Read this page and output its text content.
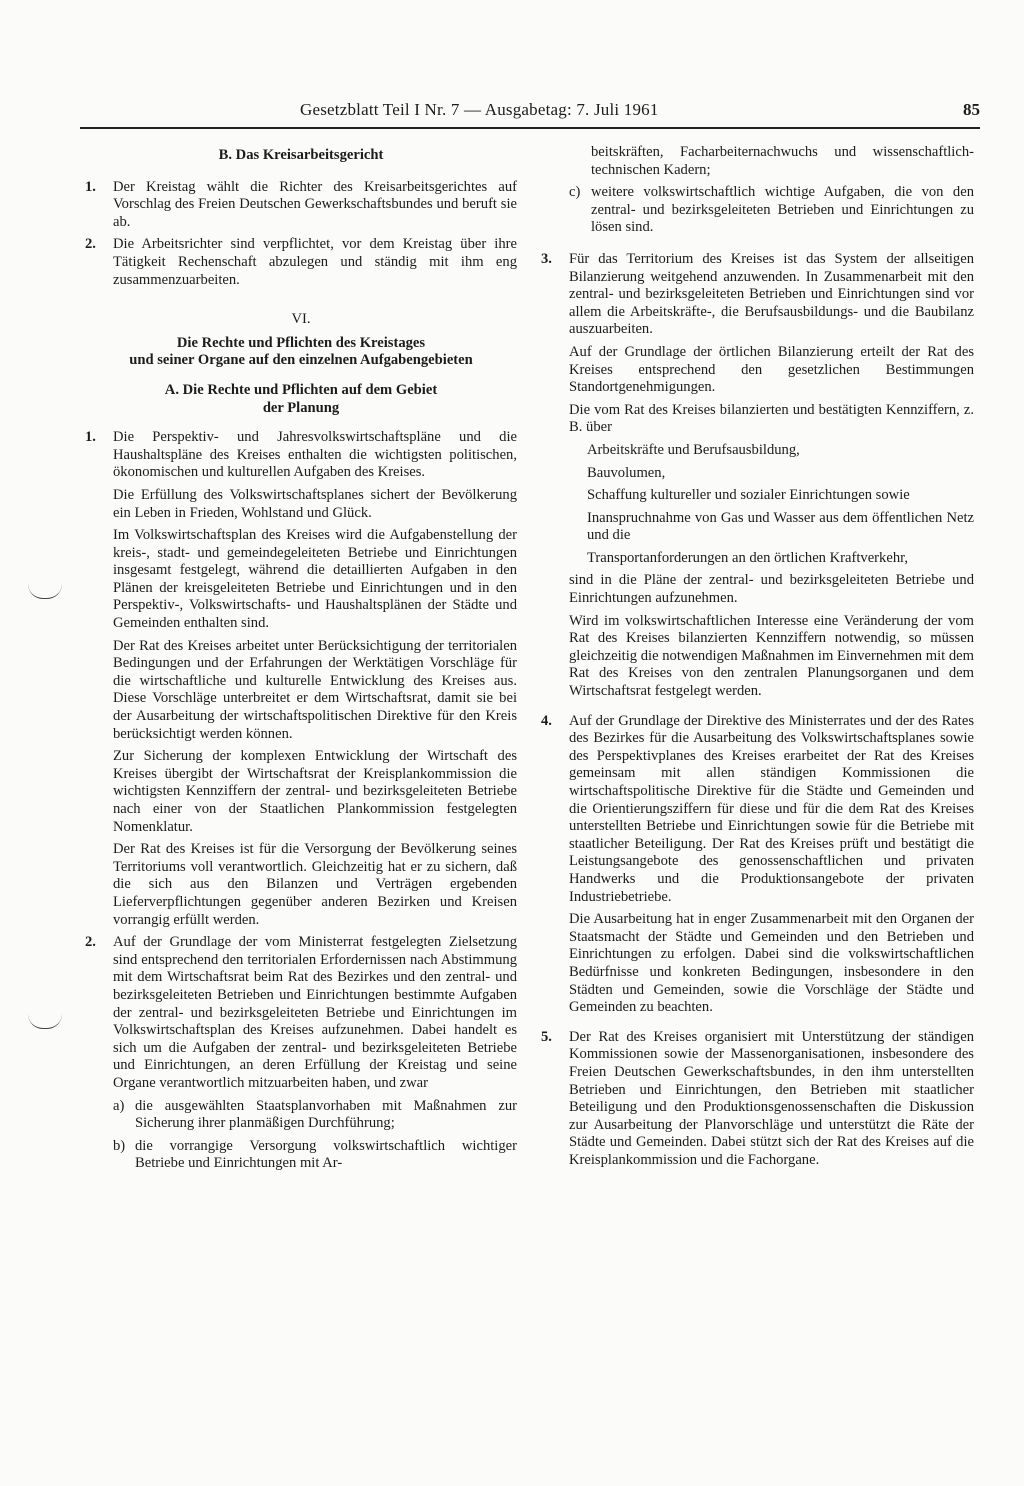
Gesetzblatt Teil I Nr. 7 — Ausgabetag: 7. Juli 1961	85
B. Das Kreisarbeitsgericht
1. Der Kreistag wählt die Richter des Kreisarbeitsgerichtes auf Vorschlag des Freien Deutschen Gewerkschaftsbundes und beruft sie ab.
2. Die Arbeitsrichter sind verpflichtet, vor dem Kreistag über ihre Tätigkeit Rechenschaft abzulegen und ständig mit ihm eng zusammenzuarbeiten.
VI.
Die Rechte und Pflichten des Kreistages
und seiner Organe auf den einzelnen Aufgabengebieten
A. Die Rechte und Pflichten auf dem Gebiet
der Planung
1. Die Perspektiv- und Jahresvolkswirtschaftspläne und die Haushaltspläne des Kreises enthalten die wichtigsten politischen, ökonomischen und kulturellen Aufgaben des Kreises.
Die Erfüllung des Volkswirtschaftsplanes sichert der Bevölkerung ein Leben in Frieden, Wohlstand und Glück.
Im Volkswirtschaftsplan des Kreises wird die Aufgabenstellung der kreis-, stadt- und gemeindegeleiteten Betriebe und Einrichtungen insgesamt festgelegt, während die detaillierten Aufgaben in den Plänen der kreisgeleiteten Betriebe und Einrichtungen und in den Perspektiv-, Volkswirtschafts- und Haushaltsplänen der Städte und Gemeinden enthalten sind.
Der Rat des Kreises arbeitet unter Berücksichtigung der territorialen Bedingungen und der Erfahrungen der Werktätigen Vorschläge für die wirtschaftliche und kulturelle Entwicklung des Kreises aus. Diese Vorschläge unterbreitet er dem Wirtschaftsrat, damit sie bei der Ausarbeitung der wirtschaftspolitischen Direktive für den Kreis berücksichtigt werden können.
Zur Sicherung der komplexen Entwicklung der Wirtschaft des Kreises übergibt der Wirtschaftsrat der Kreisplankommission die wichtigsten Kennziffern der zentral- und bezirksgeleiteten Betriebe nach einer von der Staatlichen Plankommission festgelegten Nomenklatur.
Der Rat des Kreises ist für die Versorgung der Bevölkerung seines Territoriums voll verantwortlich. Gleichzeitig hat er zu sichern, daß die sich aus den Bilanzen und Verträgen ergebenden Lieferverpflichtungen gegenüber anderen Bezirken und Kreisen vorrangig erfüllt werden.
2. Auf der Grundlage der vom Ministerrat festgelegten Zielsetzung sind entsprechend den territorialen Erfordernissen nach Abstimmung mit dem Wirtschaftsrat beim Rat des Bezirkes und den zentral- und bezirksgeleiteten Betrieben und Einrichtungen bestimmte Aufgaben der zentral- und bezirksgeleiteten Betriebe und Einrichtungen im Volkswirtschaftsplan des Kreises aufzunehmen. Dabei handelt es sich um die Aufgaben der zentral- und bezirksgeleiteten Betriebe und Einrichtungen, an deren Erfüllung der Kreistag und seine Organe verantwortlich mitzuarbeiten haben, und zwar
a) die ausgewählten Staatsplanvorhaben mit Maßnahmen zur Sicherung ihrer planmäßigen Durchführung;
b) die vorrangige Versorgung volkswirtschaftlich wichtiger Betriebe und Einrichtungen mit Ar-
beitskräften, Facharbeiternachwuchs und wissenschaftlich-technischen Kadern;
c) weitere volkswirtschaftlich wichtige Aufgaben, die von den zentral- und bezirksgeleiteten Betrieben und Einrichtungen zu lösen sind.
3. Für das Territorium des Kreises ist das System der allseitigen Bilanzierung weitgehend anzuwenden. In Zusammenarbeit mit den zentral- und bezirksgeleiteten Betrieben und Einrichtungen sind vor allem die Arbeitskräfte-, die Berufsausbildungs- und die Baubilanz auszuarbeiten.
Auf der Grundlage der örtlichen Bilanzierung erteilt der Rat des Kreises entsprechend den gesetzlichen Bestimmungen Standortgenehmigungen.
Die vom Rat des Kreises bilanzierten und bestätigten Kennziffern, z. B. über
Arbeitskräfte und Berufsausbildung,
Bauvolumen,
Schaffung kultureller und sozialer Einrichtungen sowie
Inanspruchnahme von Gas und Wasser aus dem öffentlichen Netz und die
Transportanforderungen an den örtlichen Kraftverkehr,
sind in die Pläne der zentral- und bezirksgeleiteten Betriebe und Einrichtungen aufzunehmen.
Wird im volkswirtschaftlichen Interesse eine Veränderung der vom Rat des Kreises bilanzierten Kennziffern notwendig, so müssen gleichzeitig die notwendigen Maßnahmen im Einvernehmen mit dem Rat des Kreises von den zentralen Planungsorganen und dem Wirtschaftsrat festgelegt werden.
4. Auf der Grundlage der Direktive des Ministerrates und der des Rates des Bezirkes für die Ausarbeitung des Volkswirtschaftsplanes sowie des Perspektivplanes des Kreises erarbeitet der Rat des Kreises gemeinsam mit allen ständigen Kommissionen die wirtschaftspolitische Direktive für die Städte und Gemeinden und die Orientierungsziffern für diese und für die dem Rat des Kreises unterstellten Betriebe und Einrichtungen sowie für die Betriebe mit staatlicher Beteiligung. Der Rat des Kreises prüft und bestätigt die Leistungsangebote des genossenschaftlichen und privaten Handwerks und die Produktionsangebote der privaten Industriebetriebe.
Die Ausarbeitung hat in enger Zusammenarbeit mit den Organen der Staatsmacht der Städte und Gemeinden und den Betrieben und Einrichtungen zu erfolgen. Dabei sind die volkswirtschaftlichen Bedürfnisse und konkreten Bedingungen, insbesondere in den Städten und Gemeinden, sowie die Vorschläge der Städte und Gemeinden zu beachten.
5. Der Rat des Kreises organisiert mit Unterstützung der ständigen Kommissionen sowie der Massenorganisationen, insbesondere des Freien Deutschen Gewerkschaftsbundes, in den ihm unterstellten Betrieben und Einrichtungen, den Betrieben mit staatlicher Beteiligung und den Produktionsgenossenschaften die Diskussion zur Ausarbeitung der Planvorschläge und unterstützt die Räte der Städte und Gemeinden. Dabei stützt sich der Rat des Kreises auf die Kreisplankommission und die Fachorgane.
